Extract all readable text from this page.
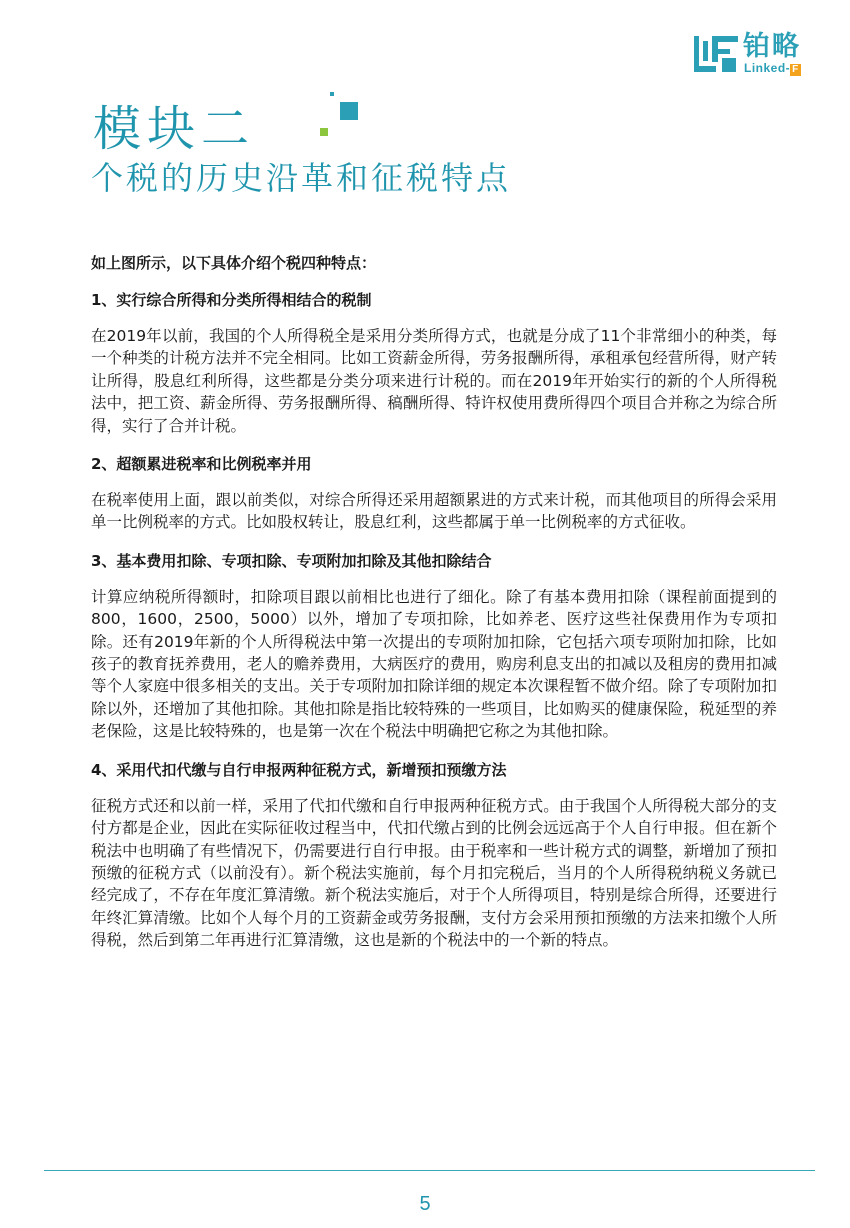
铂略
Linked- F
模块二
个税的历史沿革和征税特点

如上图所示，以下具体介绍个税四种特点：

1、实行综合所得和分类所得相结合的税制

在2019年以前，我国的个人所得税全是采用分类所得方式，也就是分成了11个非常细小的种类，每一个种类的计税方法并不完全相同。比如工资薪金所得，劳务报酬所得，承租承包经营所得，财产转让所得，股息红利所得，这些都是分类分项来进行计税的。而在2019年开始实行的新的个人所得税法中，把工资、薪金所得、劳务报酬所得、稿酬所得、特许权使用费所得四个项目合并称之为综合所得，实行了合并计税。

2、超额累进税率和比例税率并用

在税率使用上面，跟以前类似，对综合所得还采用超额累进的方式来计税，而其他项目的所得会采用单一比例税率的方式。比如股权转让，股息红利，这些都属于单一比例税率的方式征收。

3、基本费用扣除、专项扣除、专项附加扣除及其他扣除结合

计算应纳税所得额时，扣除项目跟以前相比也进行了细化。除了有基本费用扣除（课程前面提到的800，1600，2500，5000）以外，增加了专项扣除，比如养老、医疗这些社保费用作为专项扣除。还有2019年新的个人所得税法中第一次提出的专项附加扣除，它包括六项专项附加扣除，比如孩子的教育抚养费用，老人的赡养费用，大病医疗的费用，购房利息支出的扣减以及租房的费用扣减等个人家庭中很多相关的支出。关于专项附加扣除详细的规定本次课程暂不做介绍。除了专项附加扣除以外，还增加了其他扣除。其他扣除是指比较特殊的一些项目，比如购买的健康保险，税延型的养老保险，这是比较特殊的，也是第一次在个税法中明确把它称之为其他扣除。

4、采用代扣代缴与自行申报两种征税方式，新增预扣预缴方法

征税方式还和以前一样，采用了代扣代缴和自行申报两种征税方式。由于我国个人所得税大部分的支付方都是企业，因此在实际征收过程当中，代扣代缴占到的比例会远远高于个人自行申报。但在新个税法中也明确了有些情况下，仍需要进行自行申报。由于税率和一些计税方式的调整，新增加了预扣预缴的征税方式（以前没有）。新个税法实施前，每个月扣完税后，当月的个人所得税纳税义务就已经完成了，不存在年度汇算清缴。新个税法实施后，对于个人所得项目，特别是综合所得，还要进行年终汇算清缴。比如个人每个月的工资薪金或劳务报酬，支付方会采用预扣预缴的方法来扣缴个人所得税，然后到第二年再进行汇算清缴，这也是新的个税法中的一个新的特点。

5
